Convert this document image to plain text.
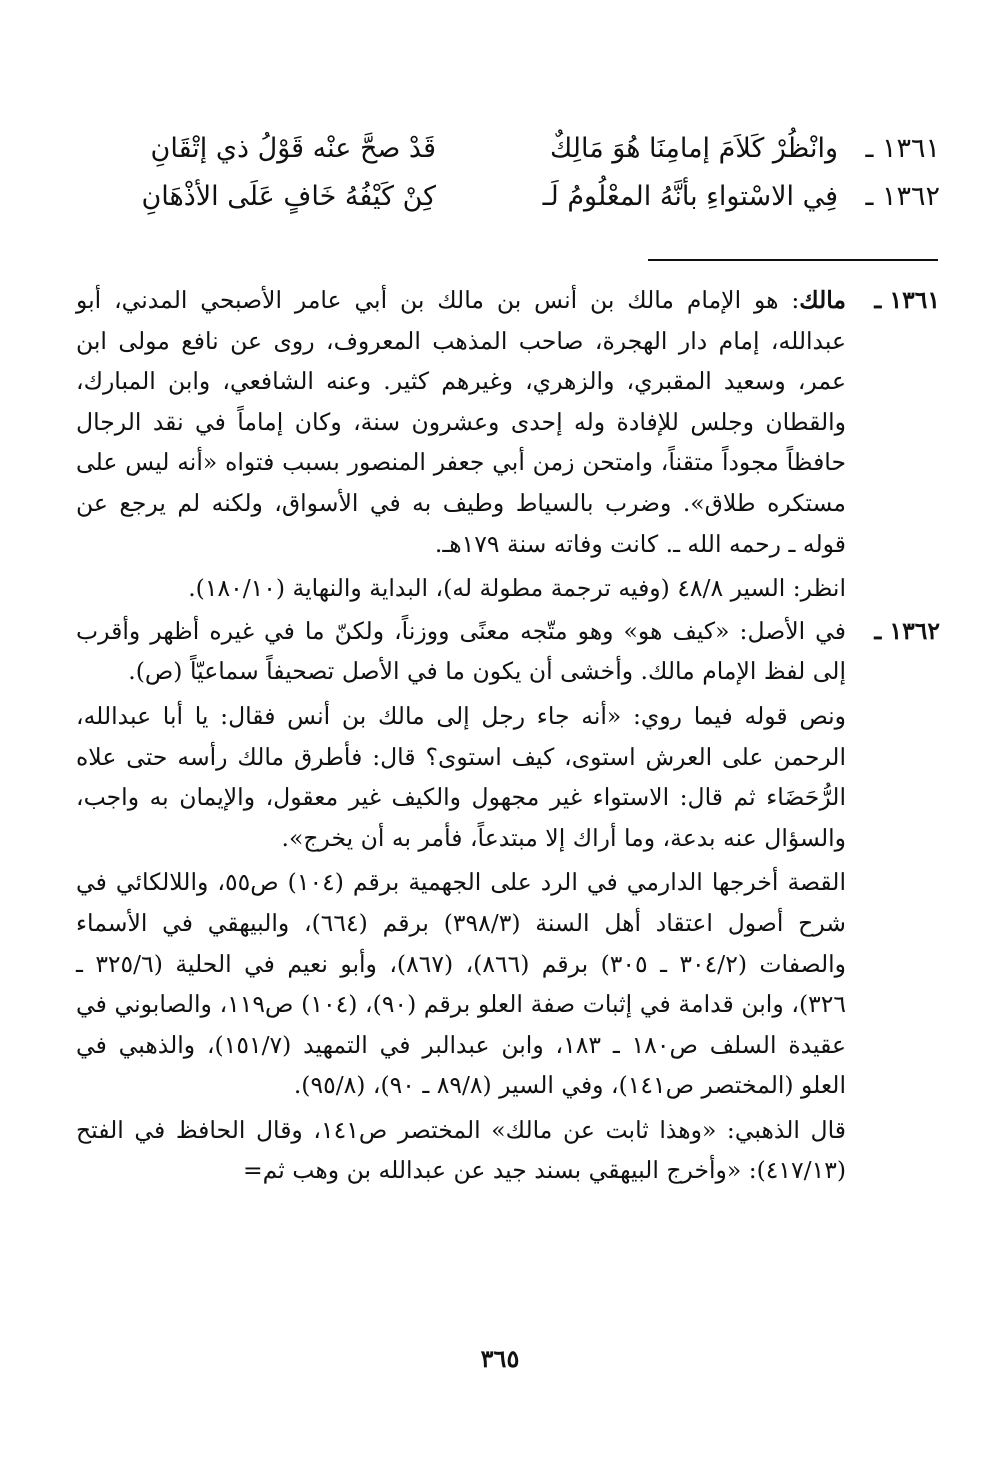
١٣٦١ ـ
وانْظُرْ كَلاَمَ إمامِنَا هُوَ مَالِكٌ
قَدْ صحَّ عنْه قَوْلُ ذي إتْقَانِ
١٣٦٢ ـ
فِي الاسْتواءِ بأنَّهُ المعْلُومُ لَـ
كِنْ كَيْفُهُ خَافٍ عَلَى الأذْهَانِ
١٣٦١ ـ

مالك: هو الإمام مالك بن أنس بن مالك بن أبي عامر الأصبحي المدني، أبو عبدالله، إمام دار الهجرة، صاحب المذهب المعروف، روى عن نافع مولى ابن عمر، وسعيد المقبري، والزهري، وغيرهم كثير. وعنه الشافعي، وابن المبارك، والقطان وجلس للإفادة وله إحدى وعشرون سنة، وكان إماماً في نقد الرجال حافظاً مجوداً متقناً، وامتحن زمن أبي جعفر المنصور بسبب فتواه «أنه ليس على مستكره طلاق». وضرب بالسياط وطيف به في الأسواق، ولكنه لم يرجع عن قوله ـ رحمه الله ـ. كانت وفاته سنة ١٧٩هـ.

انظر: السير ٤٨/٨ (وفيه ترجمة مطولة له)، البداية والنهاية (١٨٠/١٠).

١٣٦٢ ـ

في الأصل: «كيف هو» وهو متّجه معنًى ووزناً، ولكنّ ما في غيره أظهر وأقرب إلى لفظ الإمام مالك. وأخشى أن يكون ما في الأصل تصحيفاً سماعيّاً (ص).

ونص قوله فيما روي: «أنه جاء رجل إلى مالك بن أنس فقال: يا أبا عبدالله، الرحمن على العرش استوى، كيف استوى؟ قال: فأطرق مالك رأسه حتى علاه الرُّحَضَاء ثم قال: الاستواء غير مجهول والكيف غير معقول، والإيمان به واجب، والسؤال عنه بدعة، وما أراك إلا مبتدعاً، فأمر به أن يخرج».

القصة أخرجها الدارمي في الرد على الجهمية برقم (١٠٤) ص٥٥، واللالكائي في شرح أصول اعتقاد أهل السنة (٣٩٨/٣) برقم (٦٦٤)، والبيهقي في الأسماء والصفات (٣٠٤/٢ ـ ٣٠٥) برقم (٨٦٦)، (٨٦٧)، وأبو نعيم في الحلية (٣٢٥/٦ ـ ٣٢٦)، وابن قدامة في إثبات صفة العلو برقم (٩٠)، (١٠٤) ص١١٩، والصابوني في عقيدة السلف ص١٨٠ ـ ١٨٣، وابن عبدالبر في التمهيد (١٥١/٧)، والذهبي في العلو (المختصر ص١٤١)، وفي السير (٨٩/٨ ـ ٩٠)، (٩٥/٨).

قال الذهبي: «وهذا ثابت عن مالك» المختصر ص١٤١، وقال الحافظ في الفتح (٤١٧/١٣): «وأخرج البيهقي بسند جيد عن عبدالله بن وهب ثم=

٣٦٥
